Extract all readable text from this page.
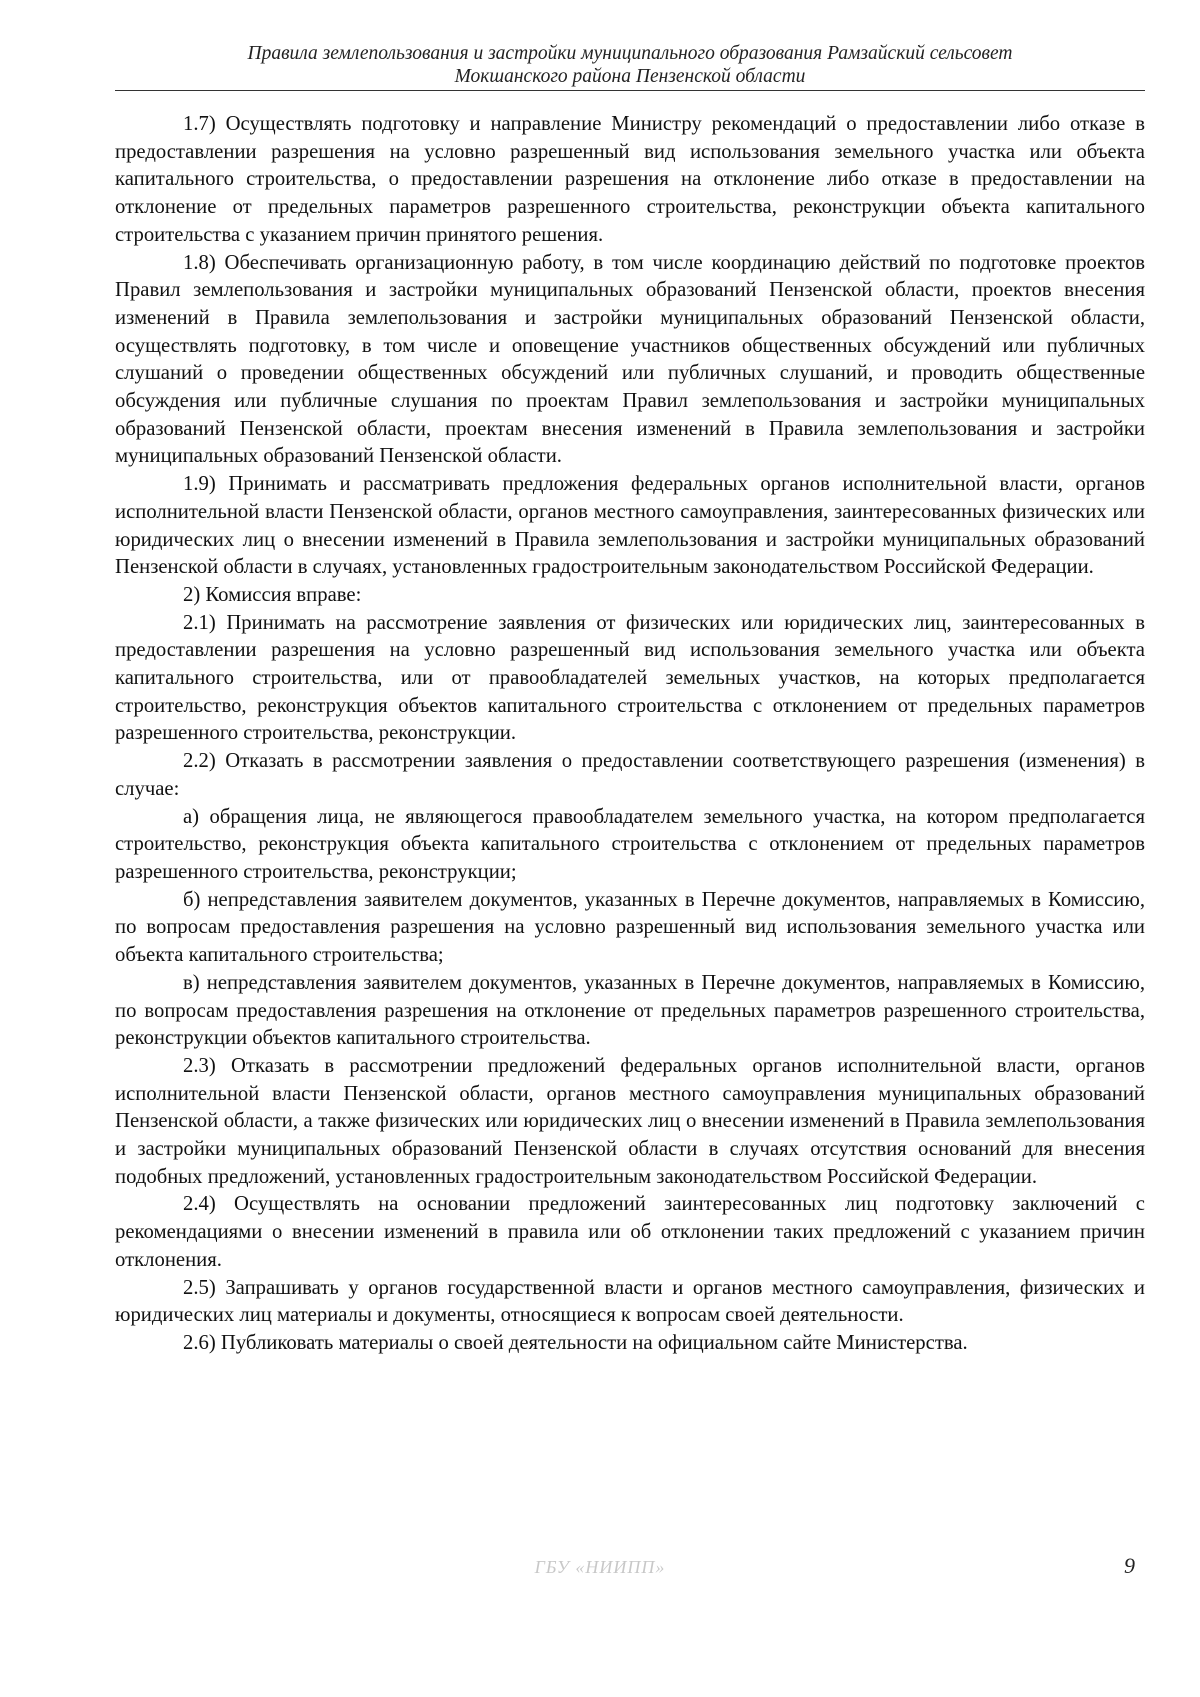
Правила землепользования и застройки муниципального образования Рамзайский сельсовет
Мокшанского района Пензенской области

1.7) Осуществлять подготовку и направление Министру рекомендаций о предоставлении либо отказе в предоставлении разрешения на условно разрешенный вид использования земельного участка или объекта капитального строительства, о предоставлении разрешения на отклонение либо отказе в предоставлении на отклонение от предельных параметров разрешенного строительства, реконструкции объекта капитального строительства с указанием причин принятого решения.

1.8) Обеспечивать организационную работу, в том числе координацию действий по подготовке проектов Правил землепользования и застройки муниципальных образований Пензенской области, проектов внесения изменений в Правила землепользования и застройки муниципальных образований Пензенской области, осуществлять подготовку, в том числе и оповещение участников общественных обсуждений или публичных слушаний о проведении общественных обсуждений или публичных слушаний, и проводить общественные обсуждения или публичные слушания по проектам Правил землепользования и застройки муниципальных образований Пензенской области, проектам внесения изменений в Правила землепользования и застройки муниципальных образований Пензенской области.

1.9) Принимать и рассматривать предложения федеральных органов исполнительной власти, органов исполнительной власти Пензенской области, органов местного самоуправления, заинтересованных физических или юридических лиц о внесении изменений в Правила землепользования и застройки муниципальных образований Пензенской области в случаях, установленных градостроительным законодательством Российской Федерации.

2) Комиссия вправе:

2.1) Принимать на рассмотрение заявления от физических или юридических лиц, заинтересованных в предоставлении разрешения на условно разрешенный вид использования земельного участка или объекта капитального строительства, или от правообладателей земельных участков, на которых предполагается строительство, реконструкция объектов капитального строительства с отклонением от предельных параметров разрешенного строительства, реконструкции.

2.2) Отказать в рассмотрении заявления о предоставлении соответствующего разрешения (изменения) в случае:

а) обращения лица, не являющегося правообладателем земельного участка, на котором предполагается строительство, реконструкция объекта капитального строительства с отклонением от предельных параметров разрешенного строительства, реконструкции;

б) непредставления заявителем документов, указанных в Перечне документов, направляемых в Комиссию, по вопросам предоставления разрешения на условно разрешенный вид использования земельного участка или объекта капитального строительства;

в) непредставления заявителем документов, указанных в Перечне документов, направляемых в Комиссию, по вопросам предоставления разрешения на отклонение от предельных параметров разрешенного строительства, реконструкции объектов капитального строительства.

2.3) Отказать в рассмотрении предложений федеральных органов исполнительной власти, органов исполнительной власти Пензенской области, органов местного самоуправления муниципальных образований Пензенской области, а также физических или юридических лиц о внесении изменений в Правила землепользования и застройки муниципальных образований Пензенской области в случаях отсутствия оснований для внесения подобных предложений, установленных градостроительным законодательством Российской Федерации.

2.4) Осуществлять на основании предложений заинтересованных лиц подготовку заключений с рекомендациями о внесении изменений в правила или об отклонении таких предложений с указанием причин отклонения.

2.5) Запрашивать у органов государственной власти и органов местного самоуправления, физических и юридических лиц материалы и документы, относящиеся к вопросам своей деятельности.

2.6) Публиковать материалы о своей деятельности на официальном сайте Министерства.

ГБУ «НИИПП»	9
